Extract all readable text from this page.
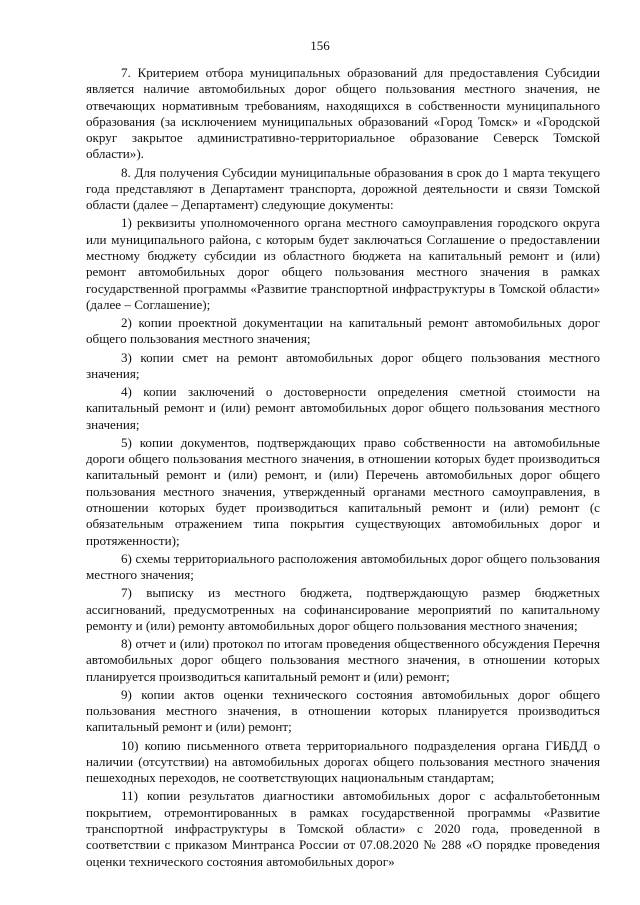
156

7. Критерием отбора муниципальных образований для предоставления Субсидии является наличие автомобильных дорог общего пользования местного значения, не отвечающих нормативным требованиям, находящихся в собственности муниципального образования (за исключением муниципальных образований «Город Томск» и «Городской округ закрытое административно-территориальное образование Северск Томской области»).

8. Для получения Субсидии муниципальные образования в срок до 1 марта текущего года представляют в Департамент транспорта, дорожной деятельности и связи Томской области (далее – Департамент) следующие документы:

1) реквизиты уполномоченного органа местного самоуправления городского округа или муниципального района, с которым будет заключаться Соглашение о предоставлении местному бюджету субсидии из областного бюджета на капитальный ремонт и (или) ремонт автомобильных дорог общего пользования местного значения в рамках государственной программы «Развитие транспортной инфраструктуры в Томской области» (далее – Соглашение);

2) копии проектной документации на капитальный ремонт автомобильных дорог общего пользования местного значения;

3) копии смет на ремонт автомобильных дорог общего пользования местного значения;

4) копии заключений о достоверности определения сметной стоимости на капитальный ремонт и (или) ремонт автомобильных дорог общего пользования местного значения;

5) копии документов, подтверждающих право собственности на автомобильные дороги общего пользования местного значения, в отношении которых будет производиться капитальный ремонт и (или) ремонт, и (или) Перечень автомобильных дорог общего пользования местного значения, утвержденный органами местного самоуправления, в отношении которых будет производиться капитальный ремонт и (или) ремонт (с обязательным отражением типа покрытия существующих автомобильных дорог и протяженности);

6) схемы территориального расположения автомобильных дорог общего пользования местного значения;

7) выписку из местного бюджета, подтверждающую размер бюджетных ассигнований, предусмотренных на софинансирование мероприятий по капитальному ремонту и (или) ремонту автомобильных дорог общего пользования местного значения;

8) отчет и (или) протокол по итогам проведения общественного обсуждения Перечня автомобильных дорог общего пользования местного значения, в отношении которых планируется производиться капитальный ремонт и (или) ремонт;

9) копии актов оценки технического состояния автомобильных дорог общего пользования местного значения, в отношении которых планируется производиться капитальный ремонт и (или) ремонт;

10) копию письменного ответа территориального подразделения органа ГИБДД о наличии (отсутствии) на автомобильных дорогах общего пользования местного значения пешеходных переходов, не соответствующих национальным стандартам;

11) копии результатов диагностики автомобильных дорог с асфальтобетонным покрытием, отремонтированных в рамках государственной программы «Развитие транспортной инфраструктуры в Томской области» с 2020 года, проведенной в соответствии с приказом Минтранса России от 07.08.2020 № 288 «О порядке проведения оценки технического состояния автомобильных дорог»
